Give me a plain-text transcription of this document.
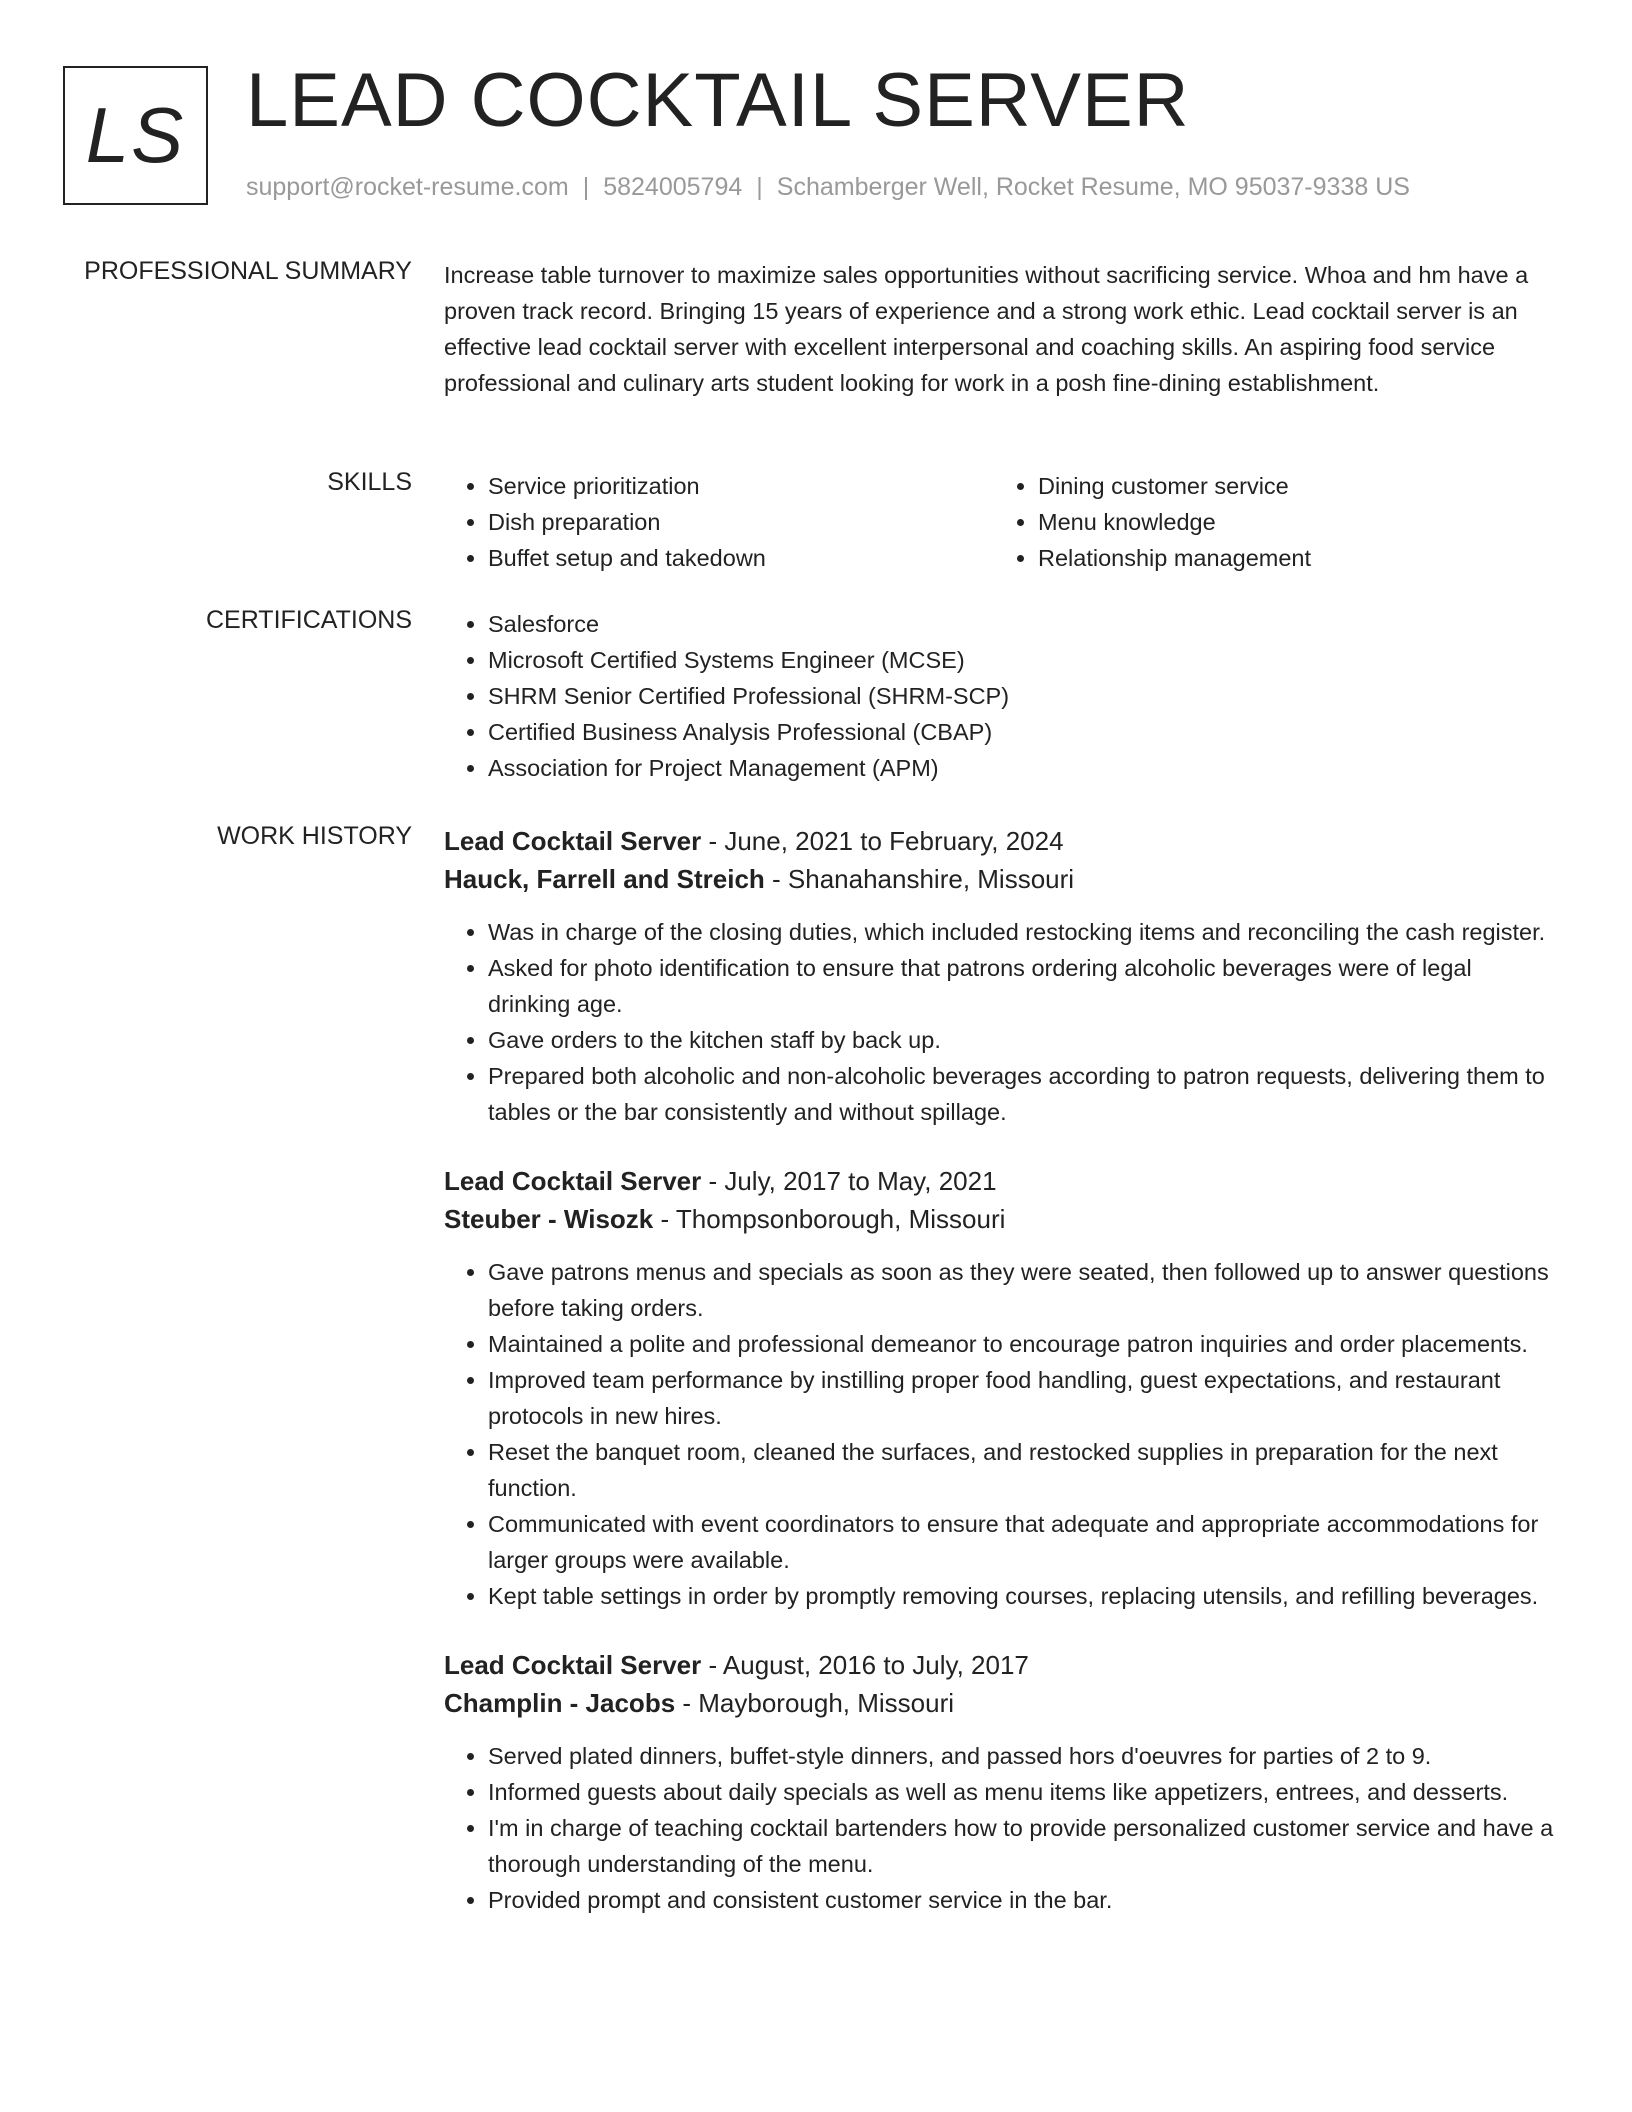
LS LEAD COCKTAIL SERVER
support@rocket-resume.com | 5824005794 | Schamberger Well, Rocket Resume, MO 95037-9338 US
PROFESSIONAL SUMMARY Increase table turnover to maximize sales opportunities without sacrificing service. Whoa and hm have a proven track record. Bringing 15 years of experience and a strong work ethic. Lead cocktail server is an effective lead cocktail server with excellent interpersonal and coaching skills. An aspiring food service professional and culinary arts student looking for work in a posh fine-dining establishment.
SKILLS	• Service prioritization
• Dish preparation
• Buffet setup and takedown
• Dining customer service
• Menu knowledge
• Relationship management
CERTIFICATIONS	• Salesforce
• Microsoft Certified Systems Engineer (MCSE)
• SHRM Senior Certified Professional (SHRM-SCP)
• Certified Business Analysis Professional (CBAP)
• Association for Project Management (APM)
WORK HISTORY Lead Cocktail Server - June, 2021 to February, 2024
Hauck, Farrell and Streich - Shanahanshire, Missouri
• Was in charge of the closing duties, which included restocking items and reconciling the cash register.
• Asked for photo identification to ensure that patrons ordering alcoholic beverages were of legal drinking age.
• Gave orders to the kitchen staff by back up.
• Prepared both alcoholic and non-alcoholic beverages according to patron requests, delivering them to tables or the bar consistently and without spillage.
Lead Cocktail Server - July, 2017 to May, 2021
Steuber - Wisozk - Thompsonborough, Missouri
• Gave patrons menus and specials as soon as they were seated, then followed up to answer questions before taking orders.
• Maintained a polite and professional demeanor to encourage patron inquiries and order placements.
• Improved team performance by instilling proper food handling, guest expectations, and restaurant protocols in new hires.
• Reset the banquet room, cleaned the surfaces, and restocked supplies in preparation for the next function.
• Communicated with event coordinators to ensure that adequate and appropriate accommodations for larger groups were available.
• Kept table settings in order by promptly removing courses, replacing utensils, and refilling beverages.
Lead Cocktail Server - August, 2016 to July, 2017
Champlin - Jacobs - Mayborough, Missouri
• Served plated dinners, buffet-style dinners, and passed hors d'oeuvres for parties of 2 to 9.
• Informed guests about daily specials as well as menu items like appetizers, entrees, and desserts.
• I'm in charge of teaching cocktail bartenders how to provide personalized customer service and have a thorough understanding of the menu.
• Provided prompt and consistent customer service in the bar.
